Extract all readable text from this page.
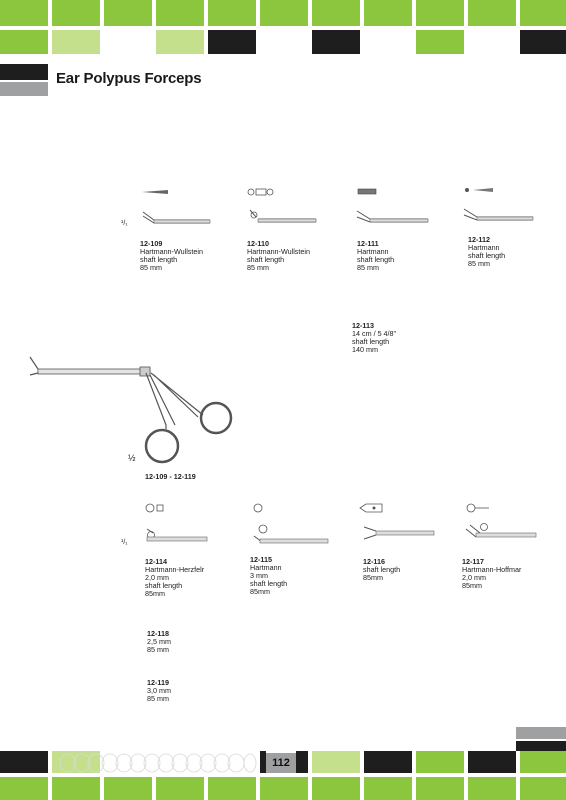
Ear Polypus Forceps
¹/₁
½
¹/₁
12-113
14 cm / 5 4/8"
shaft length
140 mm
12-109 - 12-119
12-109
Hartmann-Wullstein
shaft length
85 mm
12-110
Hartmann-Wullstein
shaft length
85 mm
12-111
Hartmann
shaft length
85 mm
12-112
Hartmann
shaft length
85 mm
12-114
Hartmann-Herzfelr
2,0 mm
shaft length
85mm
12-115
Hartmann
3 mm
shaft length
85mm
12-116
shaft length
85mm
12-117
Hartmann-Hoffmar
2,0 mm
85mm
12-118
2,5 mm
85 mm
12-119
3,0 mm
85 mm
112
